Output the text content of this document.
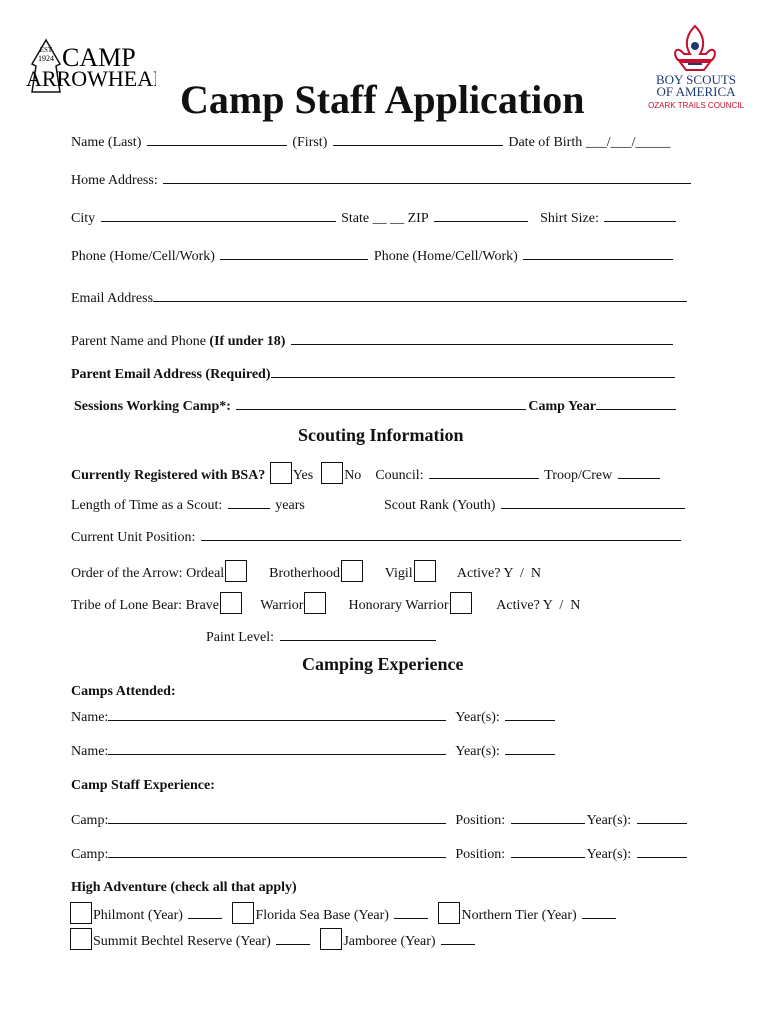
EST
1924 CAMP
ARROWHEAD	BOY SCOUTS
OF AMERICA
OZARK TRAILS COUNCIL
Camp Staff Application
Name (Last)	(First)	Date of Birth ___/___/_____
Home Address:
City	State __ __ ZIP	Shirt Size:
Phone (Home/Cell/Work)	Phone (Home/Cell/Work)
Email Address
Parent Name and Phone (If under 18)
Parent Email Address (Required)
Sessions Working Camp*:	Camp Year
Scouting Information
Currently Registered with BSA? Yes No Council:	Troop/Crew
Length of Time as a Scout:	years	Scout Rank (Youth)
Current Unit Position:
Order of the Arrow: Ordeal	Brotherhood	Vigil	Active? Y / N
Tribe of Lone Bear: Brave	Warrior	Honorary Warrior	Active? Y / N
Paint Level:
Camping Experience
Camps Attended:
Name:	Year(s):
Name:	Year(s):
Camp Staff Experience:
Camp:	Position:	Year(s):
Camp:	Position:	Year(s):
High Adventure (check all that apply)
Philmont (Year)	Florida Sea Base (Year)	Northern Tier (Year)
Summit Bechtel Reserve (Year)	Jamboree (Year)
